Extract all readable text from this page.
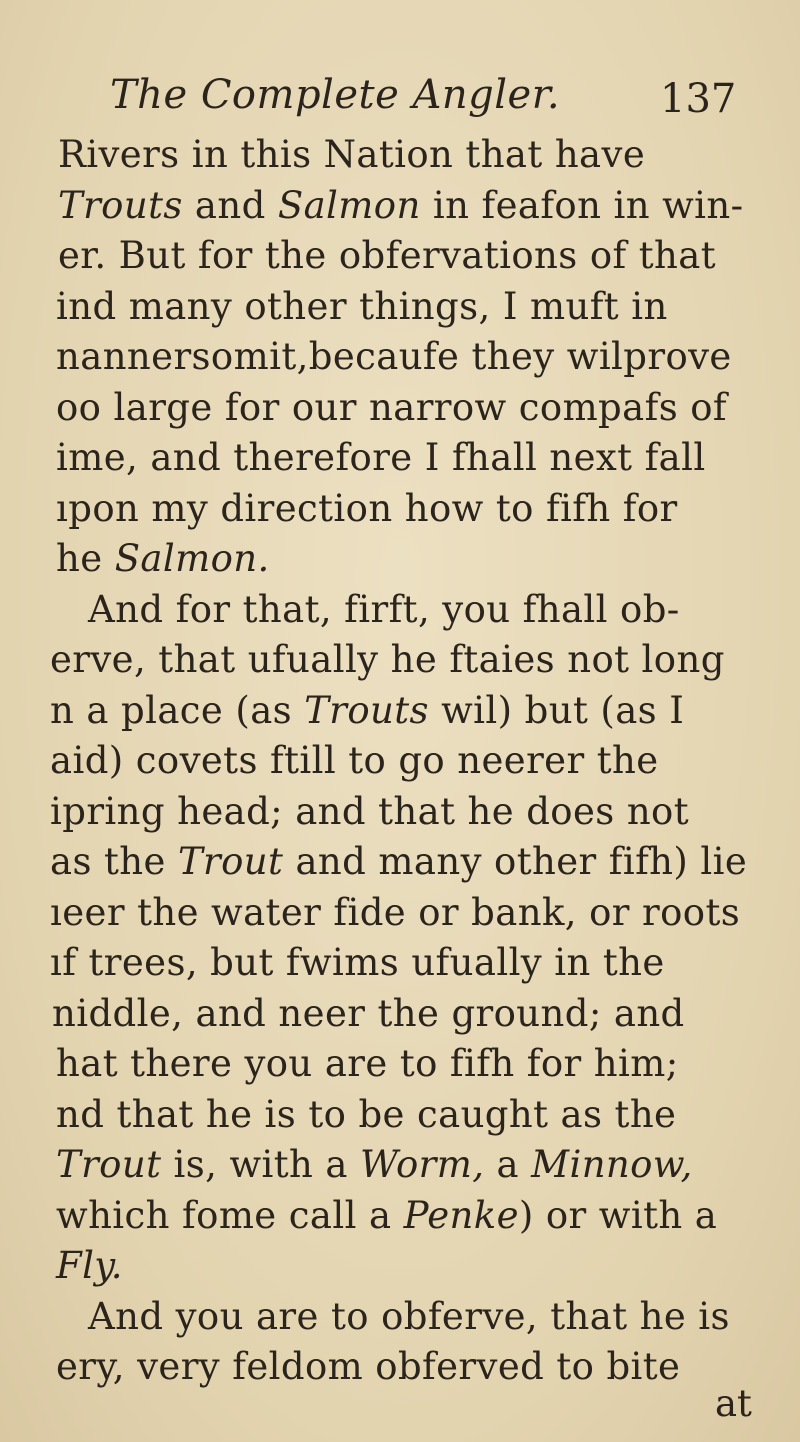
The Complete Angler. 137
Rivers in this Nation that have
Trouts and Salmon in feafon in win-
er. But for the obfervations of that
ind many other things, I muft in
nannersomit,becaufe they wilprove
oo large for our narrow compafs of
ime, and therefore I fhall next fall
ıpon my direction how to fifh for
he Salmon.
And for that, firft, you fhall ob-
erve, that ufually he ftaies not long
n a place (as Trouts wil) but (as I
aid) covets ftill to go neerer the
ipring head; and that he does not
as the Trout and many other fifh) lie
ıeer the water fide or bank, or roots
ıf trees, but fwims ufually in the
niddle, and neer the ground; and
hat there you are to fifh for him;
nd that he is to be caught as the
Trout is, with a Worm, a Minnow,
which fome call a Penke) or with a
Fly.
And you are to obferve, that he is
ery, very feldom obferved to bite
at
